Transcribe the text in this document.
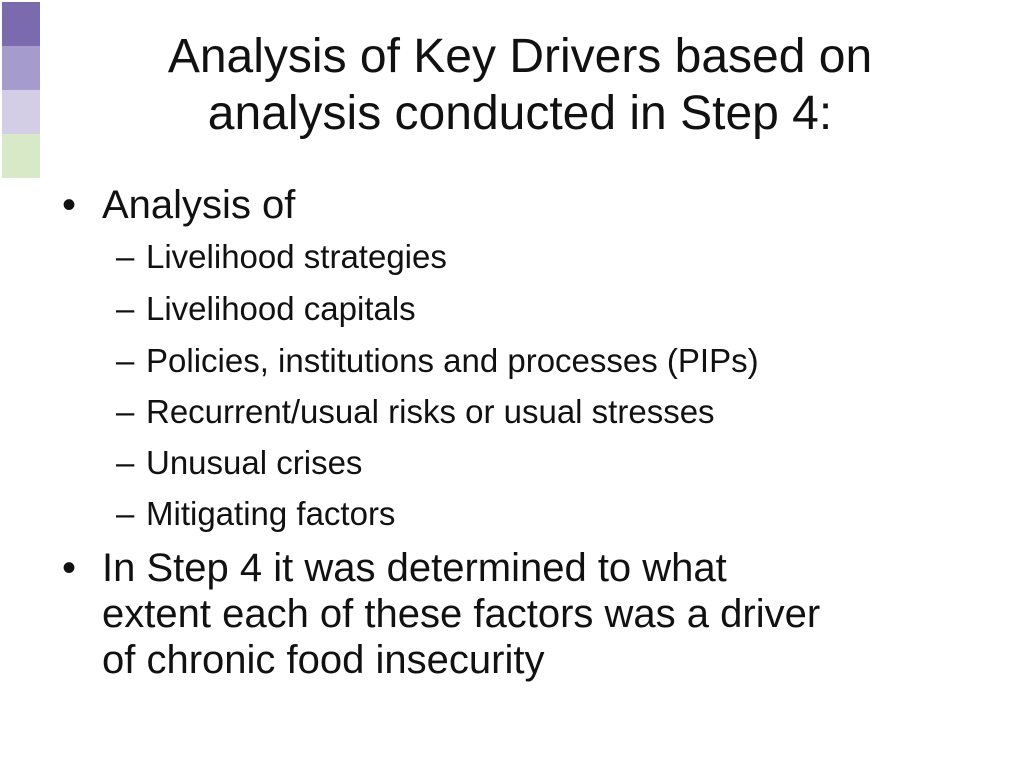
Analysis of Key Drivers based on
analysis conducted in Step 4:
• Analysis of
– Livelihood strategies
– Livelihood capitals
– Policies, institutions and processes (PIPs)
– Recurrent/usual risks or usual stresses
– Unusual crises
– Mitigating factors
• In Step 4 it was determined to what
extent each of these factors was a driver
of chronic food insecurity
